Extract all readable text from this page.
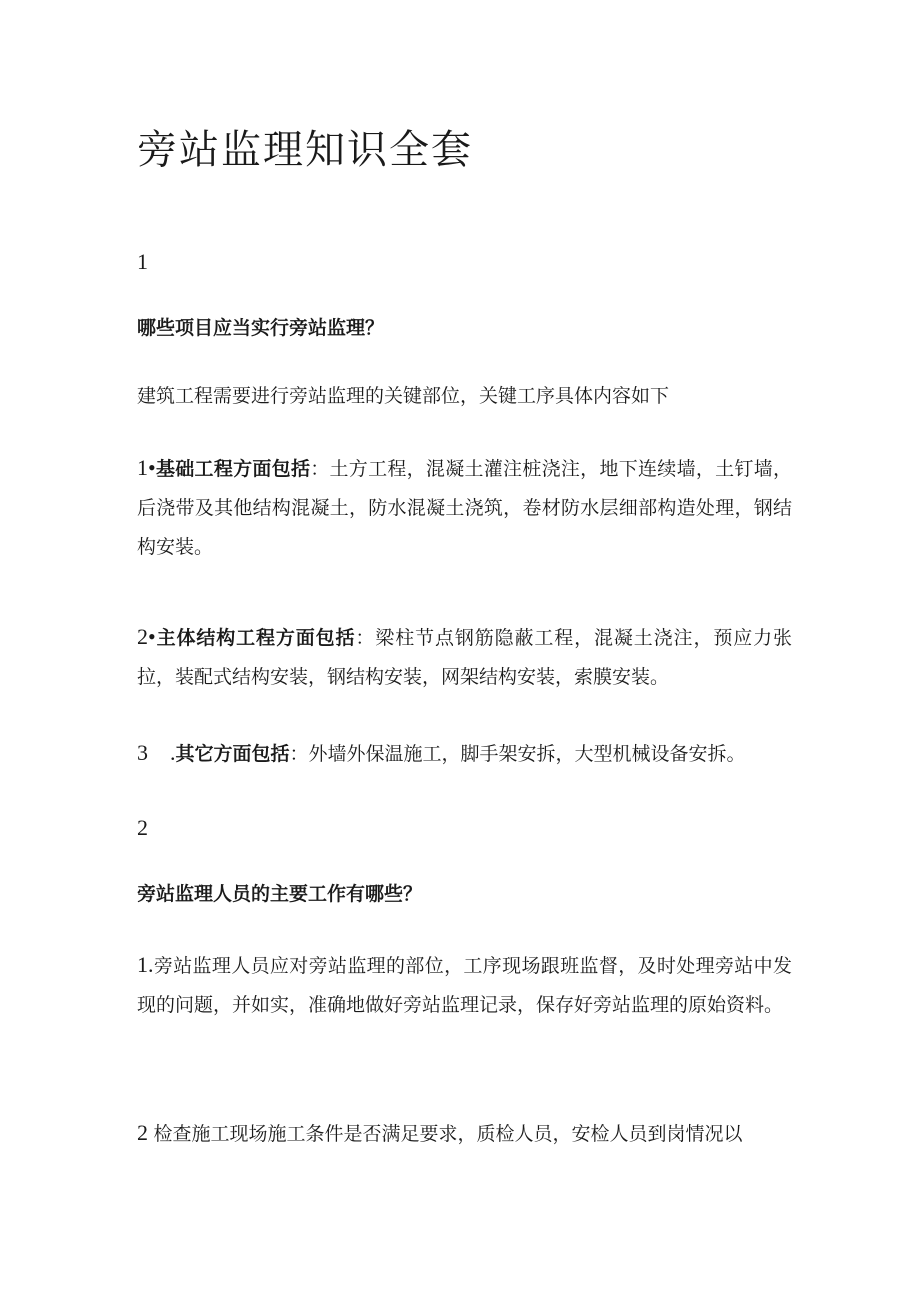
旁站监理知识全套
1
哪些项目应当实行旁站监理？

建筑工程需要进行旁站监理的关键部位，关键工序具体内容如下

1•基础工程方面包括：土方工程，混凝土灌注桩浇注，地下连续墙，土钉墙，后浇带及其他结构混凝土，防水混凝土浇筑，卷材防水层细部构造处理，钢结构安装。

2•主体结构工程方面包括：梁柱节点钢筋隐蔽工程，混凝土浇注，预应力张拉，装配式结构安装，钢结构安装，网架结构安装，索膜安装。

3　.其它方面包括：外墙外保温施工，脚手架安拆，大型机械设备安拆。

2
旁站监理人员的主要工作有哪些？

1.旁站监理人员应对旁站监理的部位，工序现场跟班监督，及时处理旁站中发现的问题，并如实，准确地做好旁站监理记录，保存好旁站监理的原始资料。

2 检查施工现场施工条件是否满足要求，质检人员，安检人员到岗情况以
